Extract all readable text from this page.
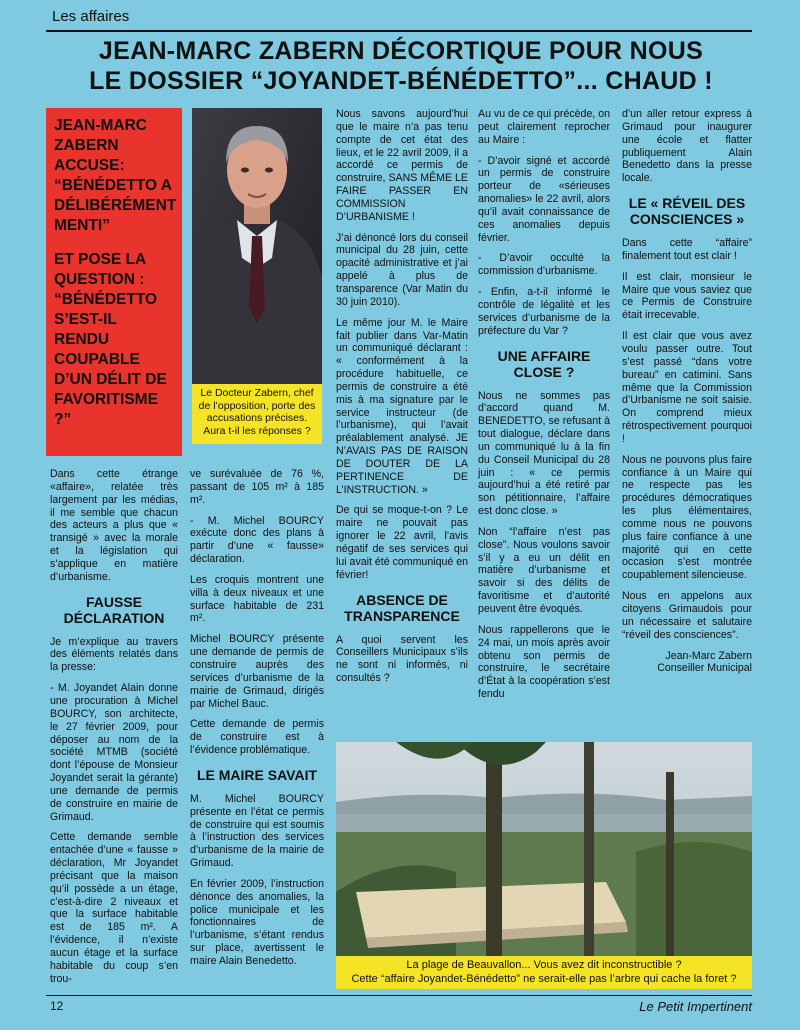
Les affaires
JEAN-MARC ZABERN DÉCORTIQUE POUR NOUS
LE DOSSIER “JOYANDET-BÉNÉDETTO”... CHAUD !

JEAN-MARC ZABERN ACCUSE: “BÉNÉDETTO A DÉLIBÉRÉMENT MENTI”

ET POSE LA QUESTION : “BÉNÉDETTO S’EST-IL RENDU COUPABLE D’UN DÉLIT DE FAVORITISME ?”

Le Docteur Zabern, chef de l’opposition, porte des accusations précises. Aura t-il les réponses ?

Dans cette étrange «affaire», relatée très largement par les médias, il me semble que chacun des acteurs a plus que « transigé » avec la morale et la législation qui s’applique en matière d’urbanisme.

FAUSSE DÉCLARATION

Je m’explique au travers des éléments relatés dans la presse:

- M. Joyandet Alain donne une procuration à Michel BOURCY, son architecte, le 27 février 2009, pour déposer au nom de la société MTMB (société dont l’épouse de Monsieur Joyandet serait la gérante) une demande de permis de construire en mairie de Grimaud.

Cette demande semble entachée d’une « fausse » déclaration, Mr Joyandet précisant que la maison qu’il possède a un étage, c’est-à-dire 2 niveaux et que la surface habitable est de 185 m². A l’évidence, il n’existe aucun étage et la surface habitable du coup s’en trou-

ve surévaluée de 76 %, passant de 105 m² à 185 m².

- M. Michel BOURCY exécute donc des plans à partir d’une « fausse» déclaration.

Les croquis montrent une villa à deux niveaux et une surface habitable de 231 m².

Michel BOURCY présente une demande de permis de construire auprès des services d’urbanisme de la mairie de Grimaud, dirigés par Michel Bauc.

Cette demande de permis de construire est à l’évidence problématique.

LE MAIRE SAVAIT

M. Michel BOURCY présente en l’état ce permis de construire qui est soumis à l’instruction des services d’urbanisme de la mairie de Grimaud.

En février 2009, l’instruction dénonce des anomalies, la police municipale et les fonctionnaires de l’urbanisme, s’étant rendus sur place, avertissent le maire Alain Benedetto.

Nous savons aujourd’hui que le maire n’a pas tenu compte de cet état des lieux, et le 22 avril 2009, il a accordé ce permis de construire, SANS MÊME LE FAIRE PASSER EN COMMISSION D’URBANISME !

J’ai dénoncé lors du conseil municipal du 28 juin, cette opacité administrative et j’ai appelé à plus de transparence (Var Matin du 30 juin 2010).

Le même jour M. le Maire fait publier dans Var-Matin un communiqué déclarant : « conformément à la procédure habituelle, ce permis de construire a été mis à ma signature par le service instructeur (de l’urbanisme), qui l’avait préalablement analysé. JE N’AVAIS PAS DE RAISON DE DOUTER DE LA PERTINENCE DE L’INSTRUCTION. »

De qui se moque-t-on ? Le maire ne pouvait pas ignorer le 22 avril, l’avis négatif de ses services qui lui avait été communiqué en février!

ABSENCE DE TRANSPARENCE

A quoi servent les Conseillers Municipaux s’ils ne sont ni informés, ni consultés ?

Au vu de ce qui précède, on peut clairement reprocher au Maire :

- D’avoir signé et accordé un permis de construire porteur de «sérieuses anomalies» le 22 avril, alors qu’il avait connaissance de ces anomalies depuis février.

- D’avoir occulté la commission d’urbanisme.

- Enfin, a-t-il informé le contrôle de légalité et les services d’urbanisme de la préfecture du Var ?

UNE AFFAIRE CLOSE ?

Nous ne sommes pas d’accord quand M. BENEDETTO, se refusant à tout dialogue, déclare dans un communiqué lu à la fin du Conseil Municipal du 28 juin : « ce permis aujourd’hui a été retiré par son pétitionnaire, l’affaire est donc close. »

Non “l’affaire n’est pas close”. Nous voulons savoir s’il y a eu un délit en matière d’urbanisme et savoir si des délits de favoritisme et d’autorité peuvent être évoqués.

Nous rappellerons que le 24 mai, un mois après avoir obtenu son permis de construire, le secrétaire d’État à la coopération s’est fendu

d’un aller retour express à Grimaud pour inaugurer une école et flatter publiquement Alain Benedetto dans la presse locale.

LE « RÉVEIL DES CONSCIENCES »

Dans cette “affaire” finalement tout est clair !

Il est clair, monsieur le Maire que vous saviez que ce Permis de Construire était irrecevable.

Il est clair que vous avez voulu passer outre. Tout s’est passé “dans votre bureau” en catimini. Sans même que la Commission d’Urbanisme ne soit saisie. On comprend mieux rétrospectivement pourquoi !

Nous ne pouvons plus faire confiance à un Maire qui ne respecte pas les procédures démocratiques les plus élémentaires, comme nous ne pouvons plus faire confiance à une majorité qui en cette occasion s’est montrée coupablement silencieuse.

Nous en appelons aux citoyens Grimaudois pour un nécessaire et salutaire “réveil des consciences”.

Jean-Marc Zabern

Conseiller Municipal

La plage de Beauvallon... Vous avez dit inconstructible ?
Cette “affaire Joyandet-Bénédetto” ne serait-elle pas l’arbre qui cache la foret ?
12	Le Petit Impertinent
